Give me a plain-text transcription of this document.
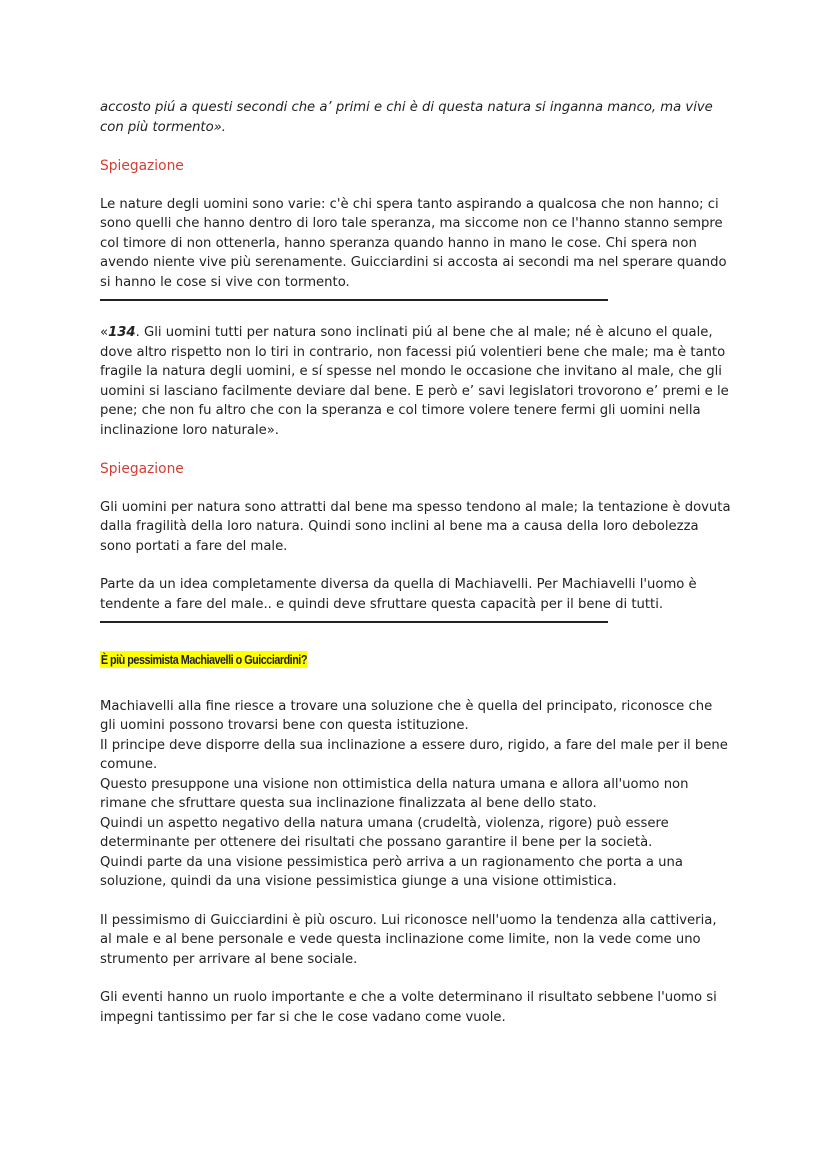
accosto piú a questi secondi che a’ primi e chi è di questa natura si inganna manco, ma vive con più tormento».

Spiegazione

Le nature degli uomini sono varie: c'è chi spera tanto aspirando a qualcosa che non hanno; ci sono quelli che hanno dentro di loro tale speranza, ma siccome non ce l'hanno stanno sempre col timore di non ottenerla, hanno speranza quando hanno in mano le cose. Chi spera non avendo niente vive più serenamente. Guicciardini si accosta ai secondi ma nel sperare quando si hanno le cose si vive con tormento.

«134. Gli uomini tutti per natura sono inclinati piú al bene che al male; né è alcuno el quale, dove altro rispetto non lo tiri in contrario, non facessi piú volentieri bene che male; ma è tanto fragile la natura degli uomini, e sí spesse nel mondo le occasione che invitano al male, che gli uomini si lasciano facilmente deviare dal bene. E però e’ savi legislatori trovorono e’ premi e le pene; che non fu altro che con la speranza e col timore volere tenere fermi gli uomini nella inclinazione loro naturale».

Spiegazione

Gli uomini per natura sono attratti dal bene ma spesso tendono al male; la tentazione è dovuta dalla fragilità della loro natura. Quindi sono inclini al bene ma a causa della loro debolezza sono portati a fare del male.

Parte da un idea completamente diversa da quella di Machiavelli. Per Machiavelli l'uomo è tendente a fare del male.. e quindi deve sfruttare questa capacità per il bene di tutti.

È più pessimista Machiavelli o Guicciardini?

Machiavelli alla fine riesce a trovare una soluzione che è quella del principato, riconosce che gli uomini possono trovarsi bene con questa istituzione.

Il principe deve disporre della sua inclinazione a essere duro, rigido, a fare del male per il bene comune.

Questo presuppone una visione non ottimistica della natura umana e allora all'uomo non rimane che sfruttare questa sua inclinazione finalizzata al bene dello stato.

Quindi un aspetto negativo della natura umana (crudeltà, violenza, rigore) può essere determinante per ottenere dei risultati che possano garantire il bene per la società.

Quindi parte da una visione pessimistica però arriva a un ragionamento che porta a una soluzione, quindi da una visione pessimistica giunge a una visione ottimistica.

Il pessimismo di Guicciardini è più oscuro. Lui riconosce nell'uomo la tendenza alla cattiveria, al male e al bene personale e vede questa inclinazione come limite, non la vede come uno strumento per arrivare al bene sociale.

Gli eventi hanno un ruolo importante e che a volte determinano il risultato sebbene l'uomo si impegni tantissimo per far si che le cose vadano come vuole.
